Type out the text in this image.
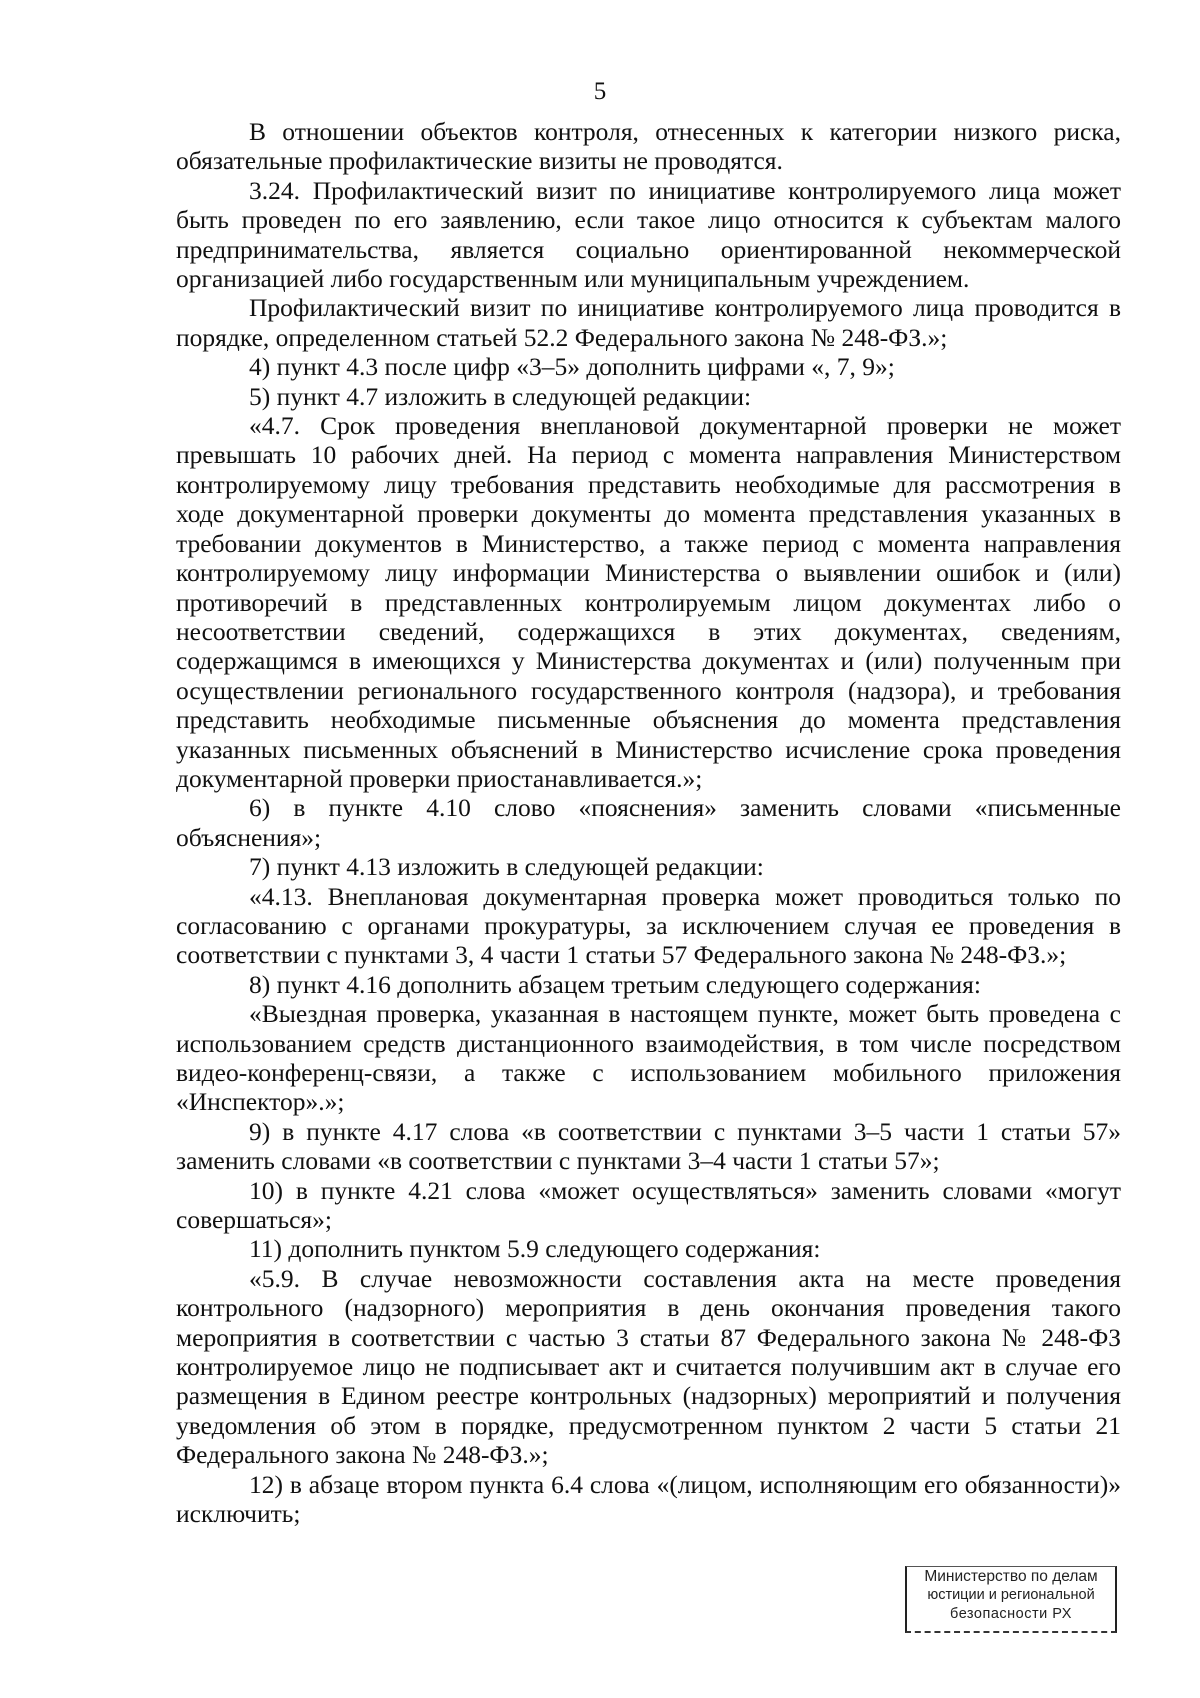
5

В отношении объектов контроля, отнесенных к категории низкого риска, обязательные профилактические визиты не проводятся.

3.24. Профилактический визит по инициативе контролируемого лица может быть проведен по его заявлению, если такое лицо относится к субъектам малого предпринимательства, является социально ориентированной некоммерческой организацией либо государственным или муниципальным учреждением.

Профилактический визит по инициативе контролируемого лица проводится в порядке, определенном статьей 52.2 Федерального закона № 248-ФЗ.»;

4) пункт 4.3 после цифр «3–5» дополнить цифрами «, 7, 9»;

5) пункт 4.7 изложить в следующей редакции:

«4.7. Срок проведения внеплановой документарной проверки не может превышать 10 рабочих дней. На период с момента направления Министерством контролируемому лицу требования представить необходимые для рассмотрения в ходе документарной проверки документы до момента представления указанных в требовании документов в Министерство, а также период с момента направления контролируемому лицу информации Министерства о выявлении ошибок и (или) противоречий в представленных контролируемым лицом документах либо о несоответствии сведений, содержащихся в этих документах, сведениям, содержащимся в имеющихся у Министерства документах и (или) полученным при осуществлении регионального государственного контроля (надзора), и требования представить необходимые письменные объяснения до момента представления указанных письменных объяснений в Министерство исчисление срока проведения документарной проверки приостанавливается.»;

6) в пункте 4.10 слово «пояснения» заменить словами «письменные объяснения»;

7) пункт 4.13 изложить в следующей редакции:

«4.13. Внеплановая документарная проверка может проводиться только по согласованию с органами прокуратуры, за исключением случая ее проведения в соответствии с пунктами 3, 4 части 1 статьи 57 Федерального закона № 248-ФЗ.»;

8) пункт 4.16 дополнить абзацем третьим следующего содержания:

«Выездная проверка, указанная в настоящем пункте, может быть проведена с использованием средств дистанционного взаимодействия, в том числе посредством видео-конференц-связи, а также с использованием мобильного приложения «Инспектор».»;

9) в пункте 4.17 слова «в соответствии с пунктами 3–5 части 1 статьи 57» заменить словами «в соответствии с пунктами 3–4 части 1 статьи 57»;

10) в пункте 4.21 слова «может осуществляться» заменить словами «могут совершаться»;

11) дополнить пунктом 5.9 следующего содержания:

«5.9. В случае невозможности составления акта на месте проведения контрольного (надзорного) мероприятия в день окончания проведения такого мероприятия в соответствии с частью 3 статьи 87 Федерального закона № 248-ФЗ контролируемое лицо не подписывает акт и считается получившим акт в случае его размещения в Едином реестре контрольных (надзорных) мероприятий и получения уведомления об этом в порядке, предусмотренном пунктом 2 части 5 статьи 21 Федерального закона № 248-ФЗ.»;

12) в абзаце втором пункта 6.4 слова «(лицом, исполняющим его обязанности)» исключить;

Министерство по делам
юстиции и региональной
безопасности РХ
